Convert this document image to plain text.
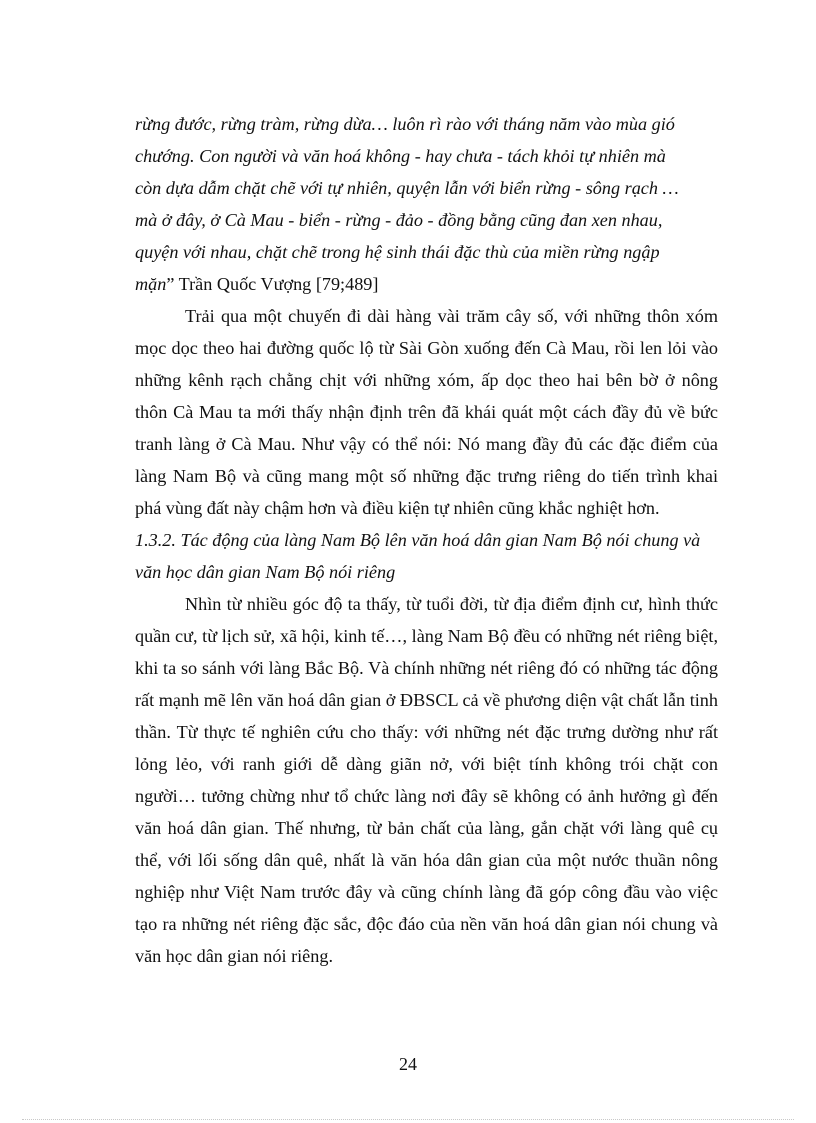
rừng đước, rừng tràm, rừng dừa… luôn rì rào với tháng năm vào mùa gió

chướng. Con người và văn hoá không - hay chưa - tách khỏi tự nhiên mà

còn dựa dẫm chặt chẽ với tự nhiên, quyện lẫn với biển rừng - sông rạch …

mà ở đây, ở Cà Mau - biển - rừng - đảo - đồng bằng cũng đan xen nhau,

quyện với nhau, chặt chẽ trong hệ sinh thái đặc thù của miền rừng ngập

mặn” Trần Quốc Vượng [79;489]

Trải qua một chuyến đi dài hàng vài trăm cây số, với những thôn xóm mọc dọc theo hai đường quốc lộ từ Sài Gòn xuống đến Cà Mau, rồi len lỏi vào những kênh rạch chằng chịt với những xóm, ấp dọc theo hai bên bờ ở nông thôn Cà Mau ta mới thấy nhận định trên đã khái quát một cách đầy đủ về bức tranh làng ở Cà Mau. Như vậy có thể nói: Nó mang đầy đủ các đặc điểm của làng Nam Bộ và cũng mang một số những đặc trưng riêng do tiến trình khai phá vùng đất này chậm hơn và điều kiện tự nhiên cũng khắc nghiệt hơn.

1.3.2. Tác động của làng Nam Bộ lên văn hoá dân gian Nam Bộ nói chung và văn học dân gian Nam Bộ nói riêng

Nhìn từ nhiều góc độ ta thấy, từ tuổi đời, từ địa điểm định cư, hình thức quần cư, từ lịch sử, xã hội, kinh tế…, làng Nam Bộ đều có những nét riêng biệt, khi ta so sánh với làng Bắc Bộ. Và chính những nét riêng đó có những tác động rất mạnh mẽ lên văn hoá dân gian ở ĐBSCL cả về phương diện vật chất lẫn tinh thần. Từ thực tế nghiên cứu cho thấy: với những nét đặc trưng dường như rất lỏng lẻo, với ranh giới dễ dàng giãn nở, với biệt tính không trói chặt con người… tưởng chừng như tổ chức làng nơi đây sẽ không có ảnh hưởng gì đến văn hoá dân gian. Thế nhưng, từ bản chất của làng, gắn chặt với làng quê cụ thể, với lối sống dân quê, nhất là văn hóa dân gian của một nước thuần nông nghiệp như Việt Nam trước đây và cũng chính làng đã góp công đầu vào việc tạo ra những nét riêng đặc sắc, độc đáo của nền văn hoá dân gian nói chung và văn học dân gian nói riêng.

24
